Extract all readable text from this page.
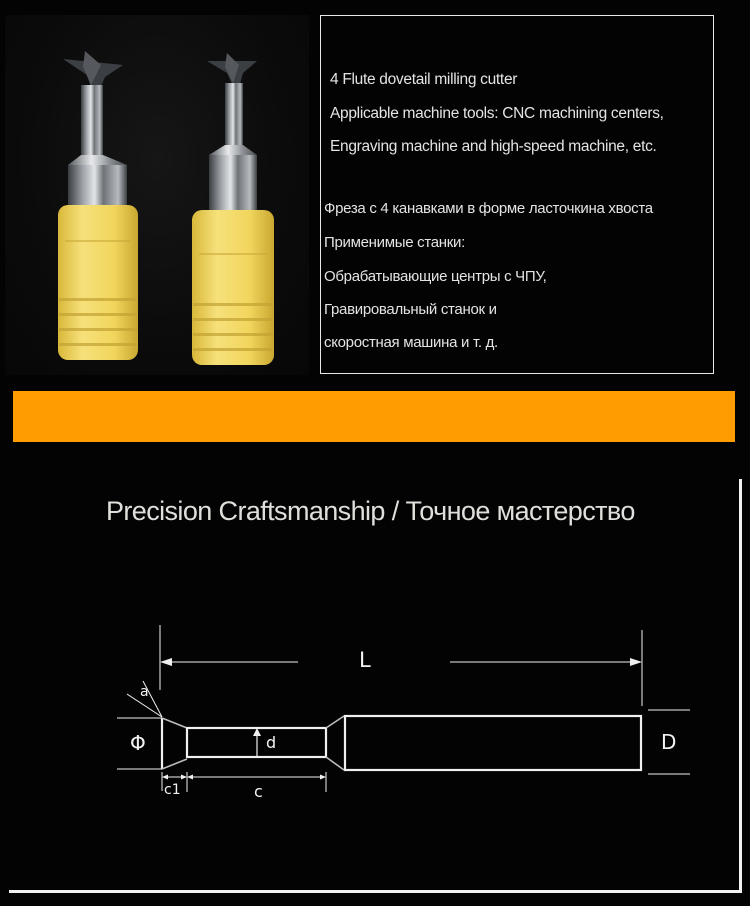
4 Flute dovetail milling cutter
Applicable machine tools: CNC machining centers,
Engraving machine and high-speed machine, etc.
Фреза с 4 канавками в форме ласточкина хвоста
Применимые станки:
Обрабатывающие центры с ЧПУ,
Гравировальный станок и
скоростная машина и т. д.
Precision Craftsmanship / Точное мастерство
L
a
Φ	d	D
c1	c
